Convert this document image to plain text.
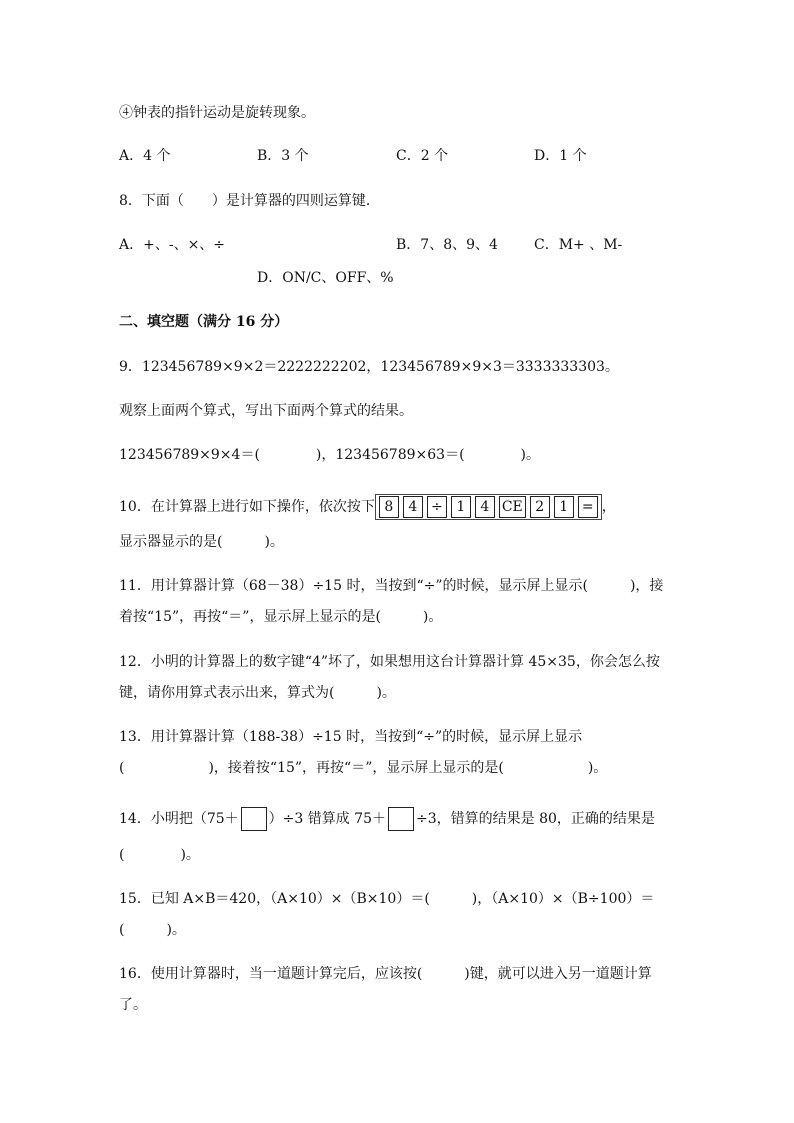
④钟表的指针运动是旋转现象。
A．4 个	B．3 个	C．2 个	D．1 个
8．下面（　　）是计算器的四则运算键．
A．+、-、×、÷	B．7、8、9、4	C．M+ 、M-
D．ON/C、OFF、%
二、填空题（满分 16 分）
9．123456789×9×2＝2222222202，123456789×9×3＝3333333303。
观察上面两个算式，写出下面两个算式的结果。
123456789×9×4＝(　　　　)，123456789×63＝(　　　　)。
10．在计算器上进行如下操作，依次按下 8 4 ÷ 1 4 CE 2 1 = ，
显示器显示的是(　　　)。
11．用计算器计算（68－38）÷15 时，当按到“÷”的时候，显示屏上显示(　　　)，接
着按“15”，再按“＝”，显示屏上显示的是(　　　)。
12．小明的计算器上的数字键“4”坏了，如果想用这台计算器计算 45×35，你会怎么按
键，请你用算式表示出来，算式为(　　　)。
13．用计算器计算（188-38）÷15 时，当按到“÷”的时候，显示屏上显示
(　　　　　　)，接着按“15”，再按“＝”，显示屏上显示的是(　　　　　　)。
14．小明把（75＋ ）÷3 错算成 75＋ ÷3，错算的结果是 80，正确的结果是
(　　　　)。
15．已知 A×B＝420，（A×10）×（B×10）＝(　　　)，（A×10）×（B÷100）＝
(　　　)。
16．使用计算器时，当一道题计算完后，应该按(　　　)键，就可以进入另一道题计算
了。
